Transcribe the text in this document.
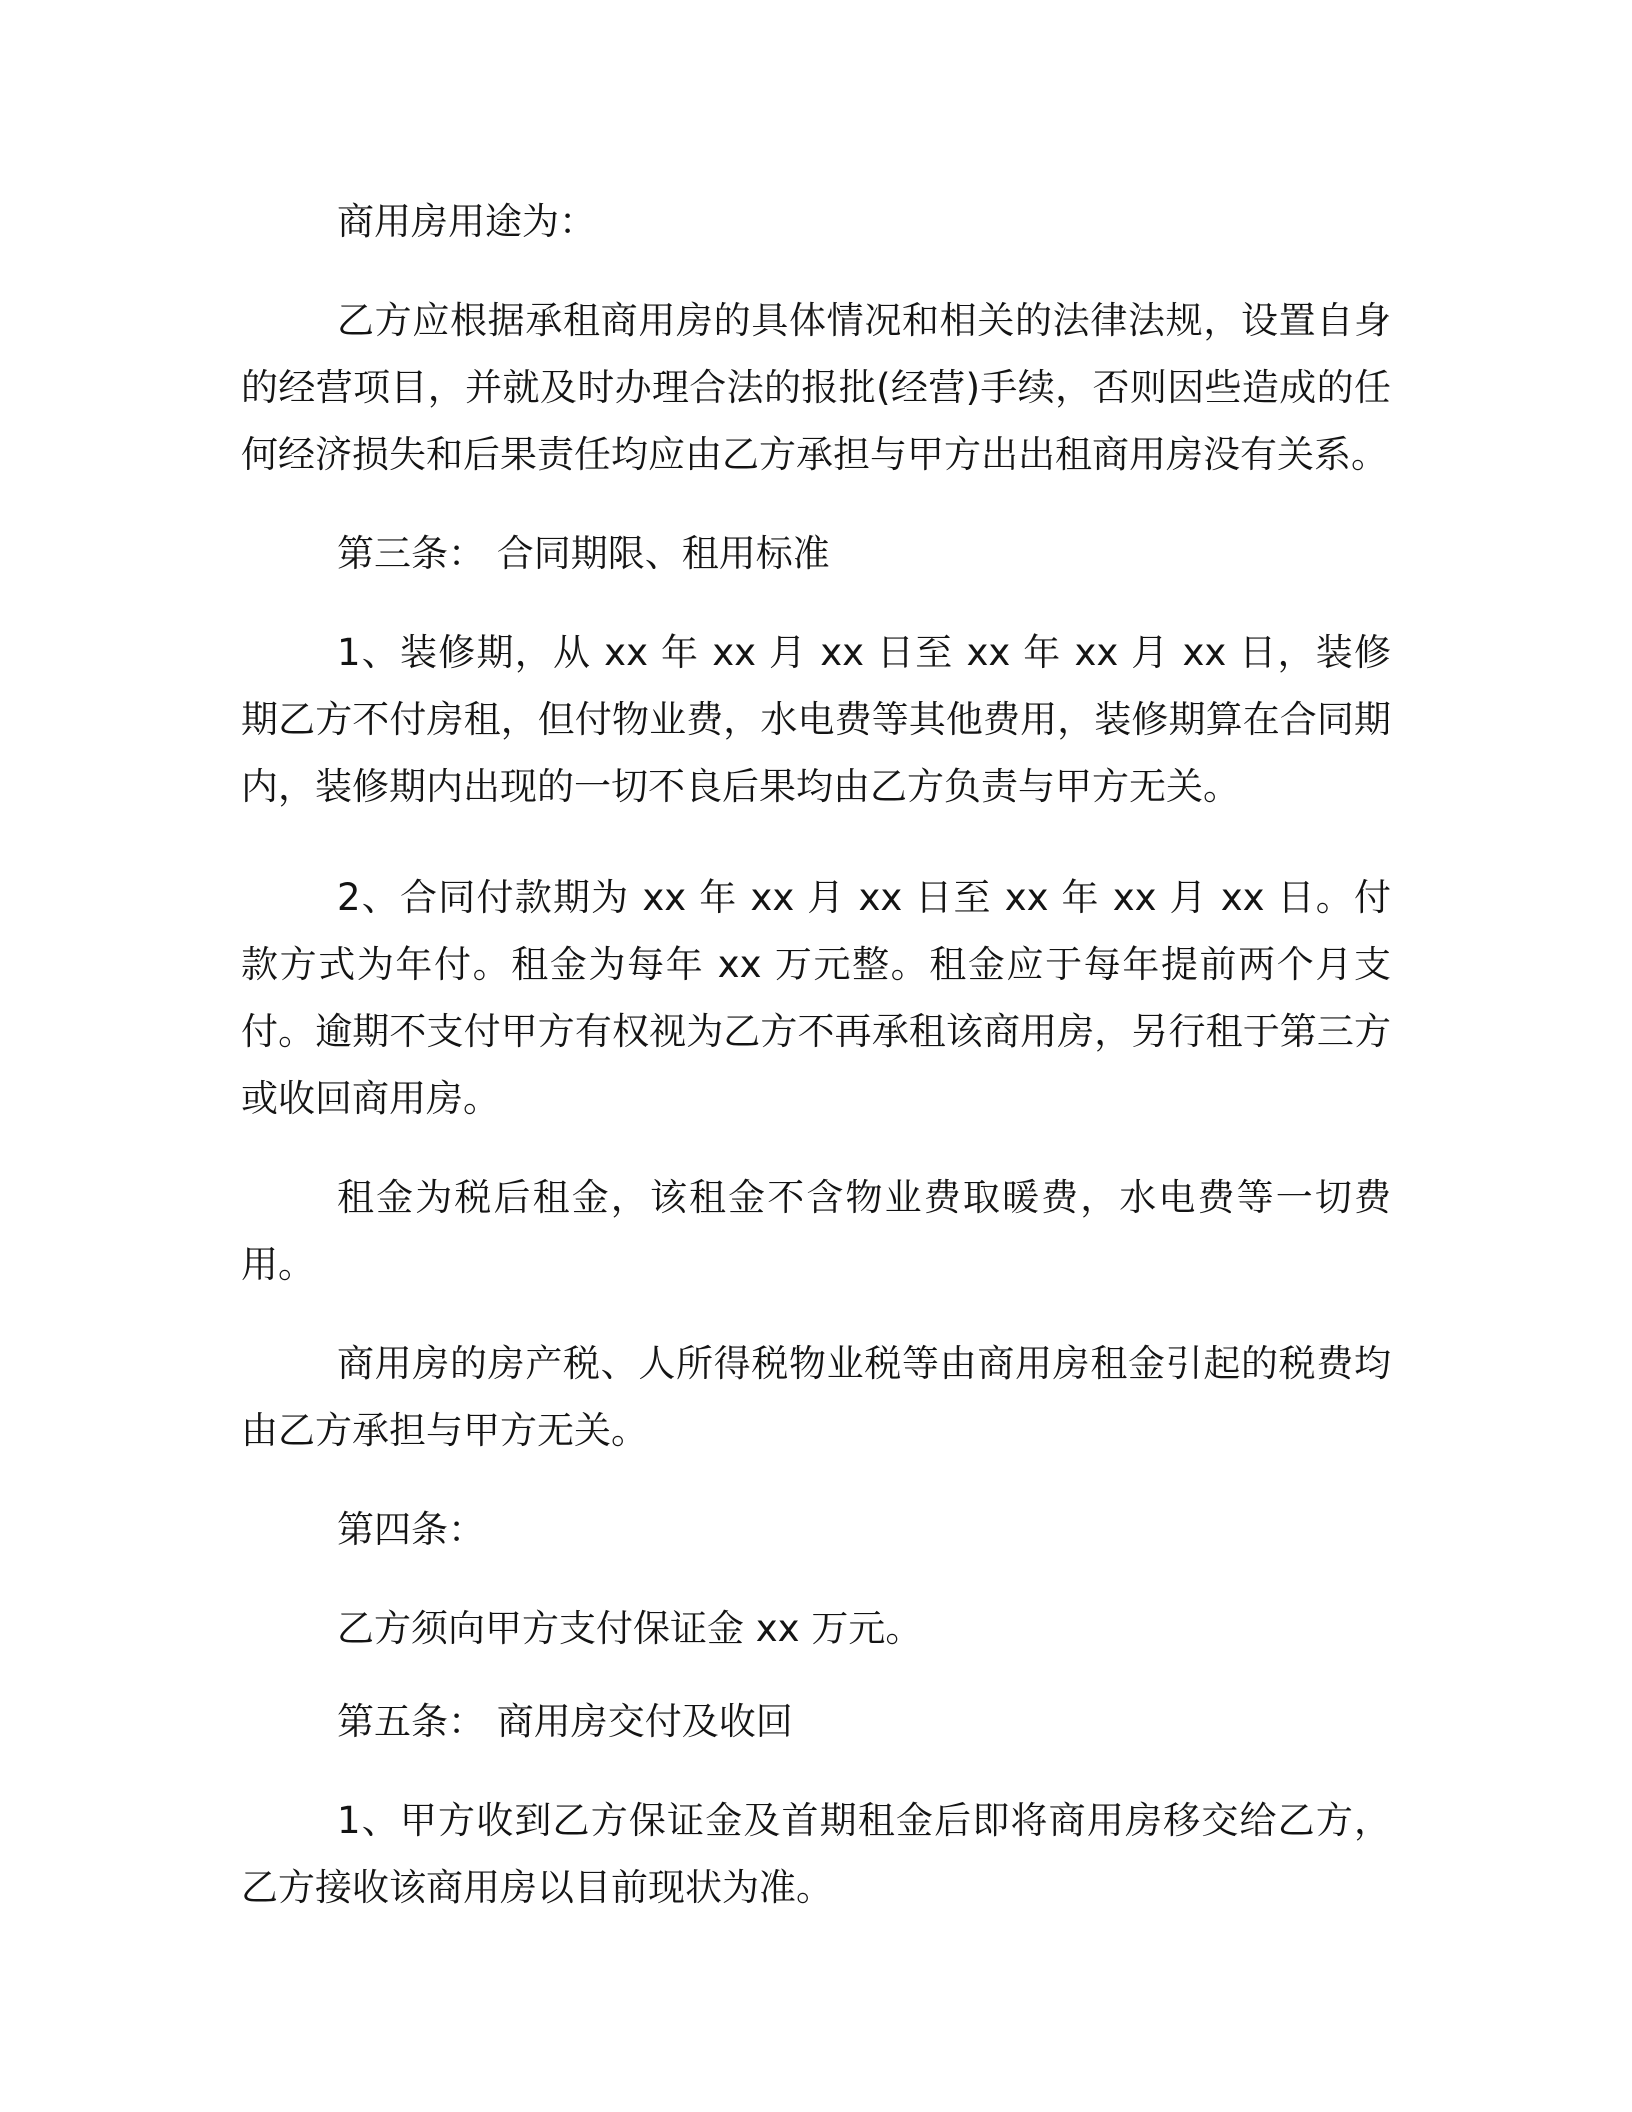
商用房用途为：

乙方应根据承租商用房的具体情况和相关的法律法规，设置自身的经营项目，并就及时办理合法的报批(经营)手续，否则因些造成的任何经济损失和后果责任均应由乙方承担与甲方出出租商用房没有关系。

第三条： 合同期限、租用标准

1、装修期，从 xx 年 xx 月 xx 日至 xx 年 xx 月 xx 日，装修期乙方不付房租，但付物业费，水电费等其他费用，装修期算在合同期内，装修期内出现的一切不良后果均由乙方负责与甲方无关。

2、合同付款期为 xx 年 xx 月 xx 日至 xx 年 xx 月 xx 日。付款方式为年付。租金为每年 xx 万元整。租金应于每年提前两个月支付。逾期不支付甲方有权视为乙方不再承租该商用房，另行租于第三方或收回商用房。

租金为税后租金，该租金不含物业费取暖费，水电费等一切费用。

商用房的房产税、人所得税物业税等由商用房租金引起的税费均由乙方承担与甲方无关。

第四条：

乙方须向甲方支付保证金 xx 万元。

第五条： 商用房交付及收回

1、甲方收到乙方保证金及首期租金后即将商用房移交给乙方，乙方接收该商用房以目前现状为准。
